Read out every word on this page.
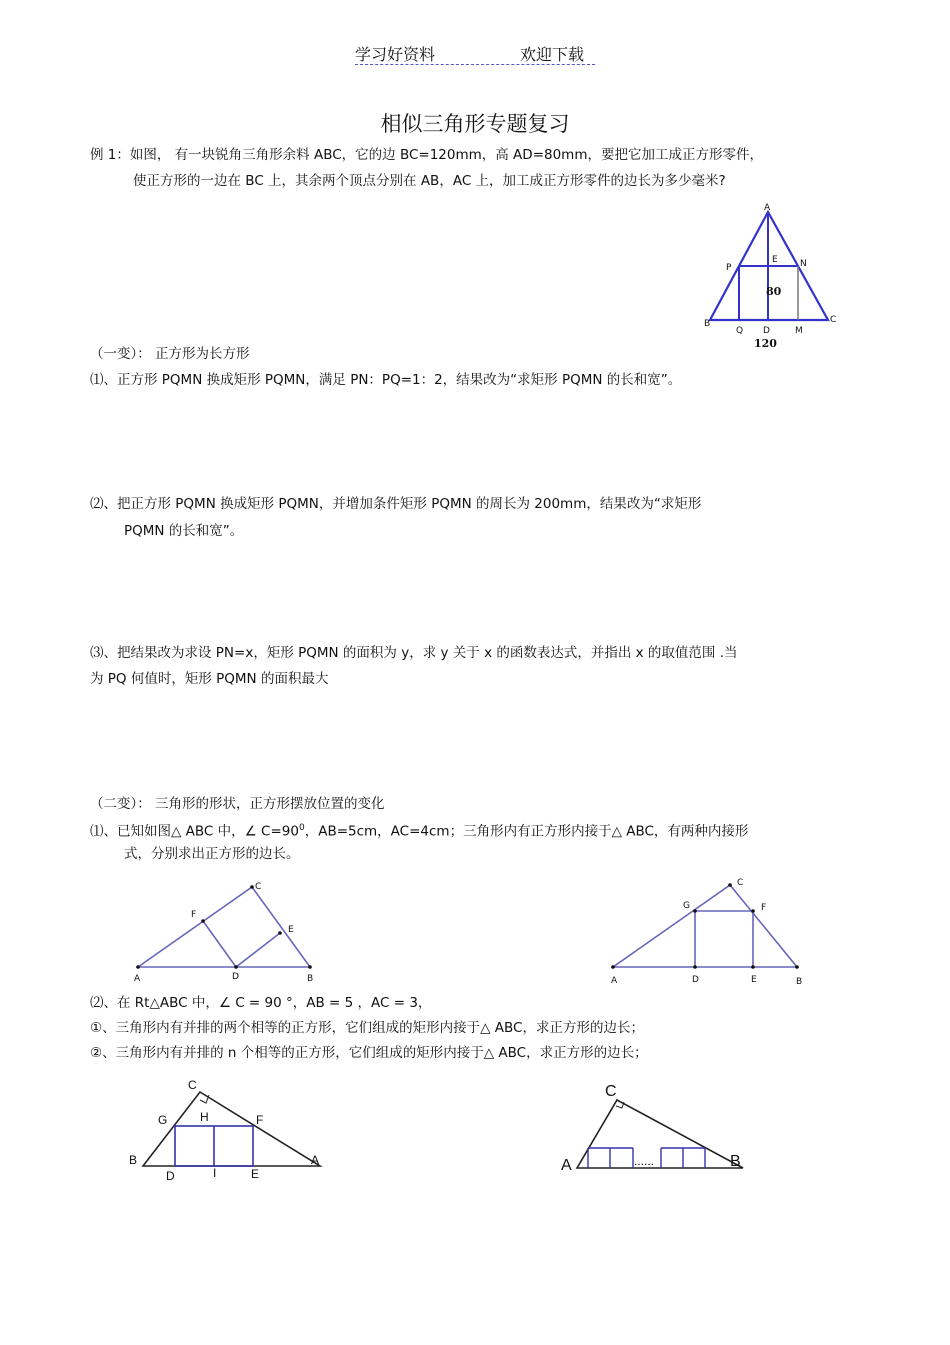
学习好资料	欢迎下载
相似三角形专题复习
例 1：如图， 有一块锐角三角形余料 ABC，它的边 BC=120mm，高 AD=80mm，要把它加工成正方形零件，
使正方形的一边在 BC 上，其余两个顶点分别在 AB，AC 上，加工成正方形零件的边长为多少毫米?
A
P
E N
B
Q D	M
C
80
120
（一变）： 正方形为长方形
⑴、正方形 PQMN 换成矩形 PQMN，满足 PN：PQ=1：2，结果改为“求矩形 PQMN 的长和宽”。
⑵、把正方形 PQMN 换成矩形 PQMN，并增加条件矩形 PQMN 的周长为 200mm，结果改为“求矩形
PQMN 的长和宽”。
⑶、把结果改为求设 PN=x，矩形 PQMN 的面积为 y，求 y 关于 x 的函数表达式，并指出 x 的取值范围 .当
为 PQ 何值时，矩形 PQMN 的面积最大
（二变）： 三角形的形状，正方形摆放位置的变化
⑴、已知如图△ ABC 中，∠ $C=90^0$，AB=5cm，AC=4cm；三角形内有正方形内接于△ ABC，有两种内接形
式，分别求出正方形的边长。
C
F
E
A	D	B
C
G	F
A	D	E	B
⑵、在 Rt△ABC 中，∠ C = 90 °，AB = 5 ，AC = 3，
①、三角形内有并排的两个相等的正方形，它们组成的矩形内接于△ ABC，求正方形的边长；
②、三角形内有并排的 n 个相等的正方形，它们组成的矩形内接于△ ABC，求正方形的边长；
C
G	H	F
B
D	I	E
A
C
A	B
......
